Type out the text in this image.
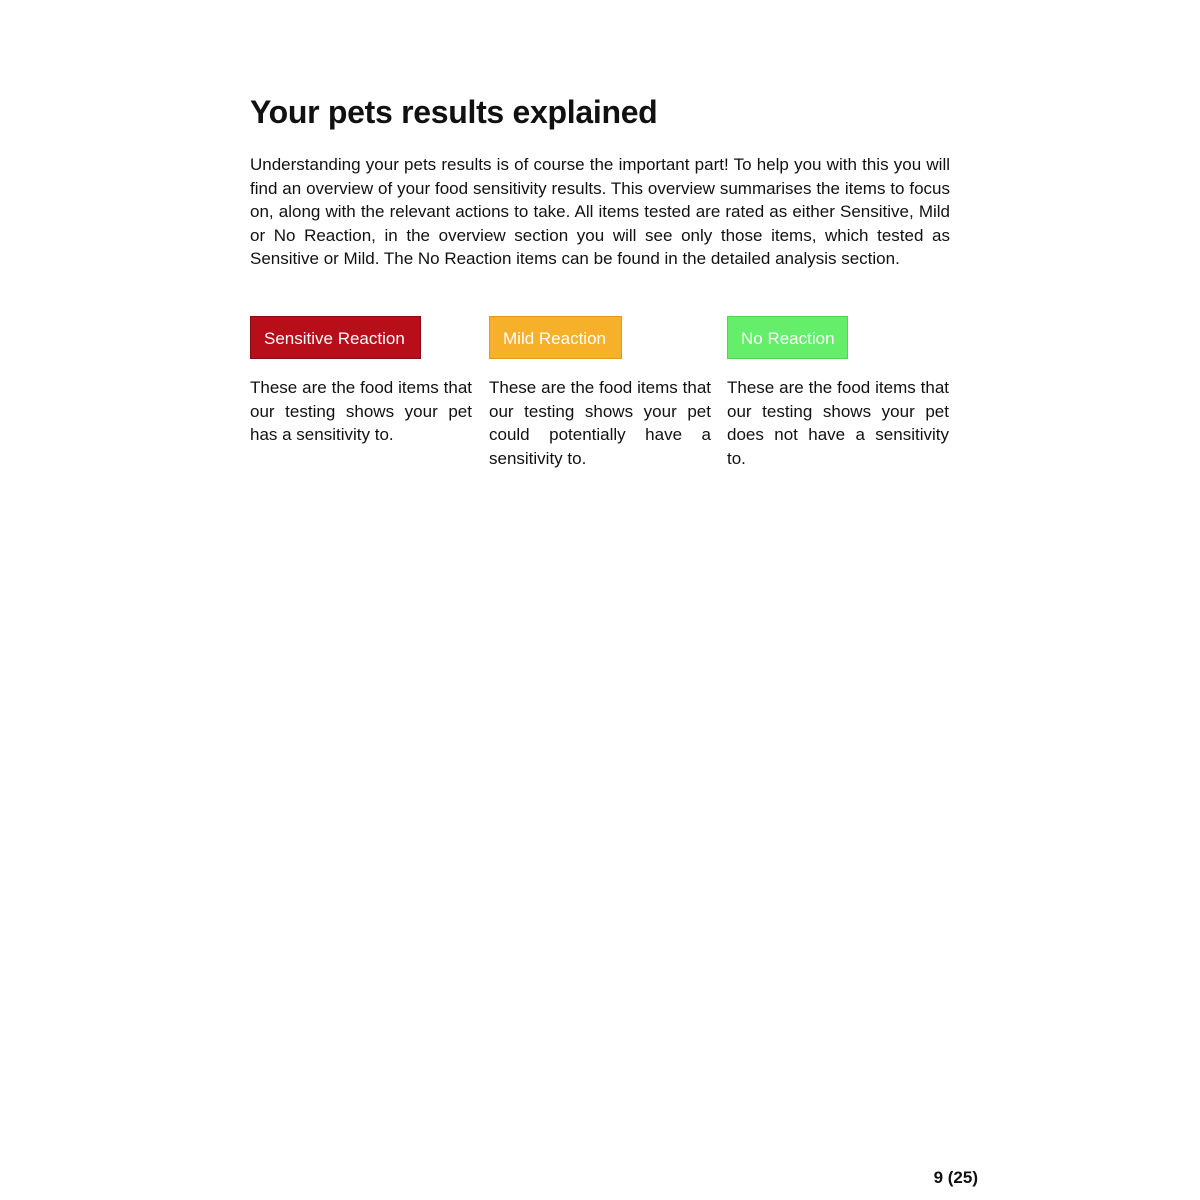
Your pets results explained

Understanding your pets results is of course the important part! To help you with this you will find an overview of your food sensitivity results. This overview summarises the items to focus on, along with the relevant actions to take. All items tested are rated as either Sensitive, Mild or No Reaction, in the overview section you will see only those items, which tested as Sensitive or Mild. The No Reaction items can be found in the detailed analysis section.

Sensitive Reaction

These are the food items that our testing shows your pet has a sensitivity to.

Mild Reaction

These are the food items that our testing shows your pet could potentially have a sensitivity to.

No Reaction

These are the food items that our testing shows your pet does not have a sensitivity to.

9 (25)
